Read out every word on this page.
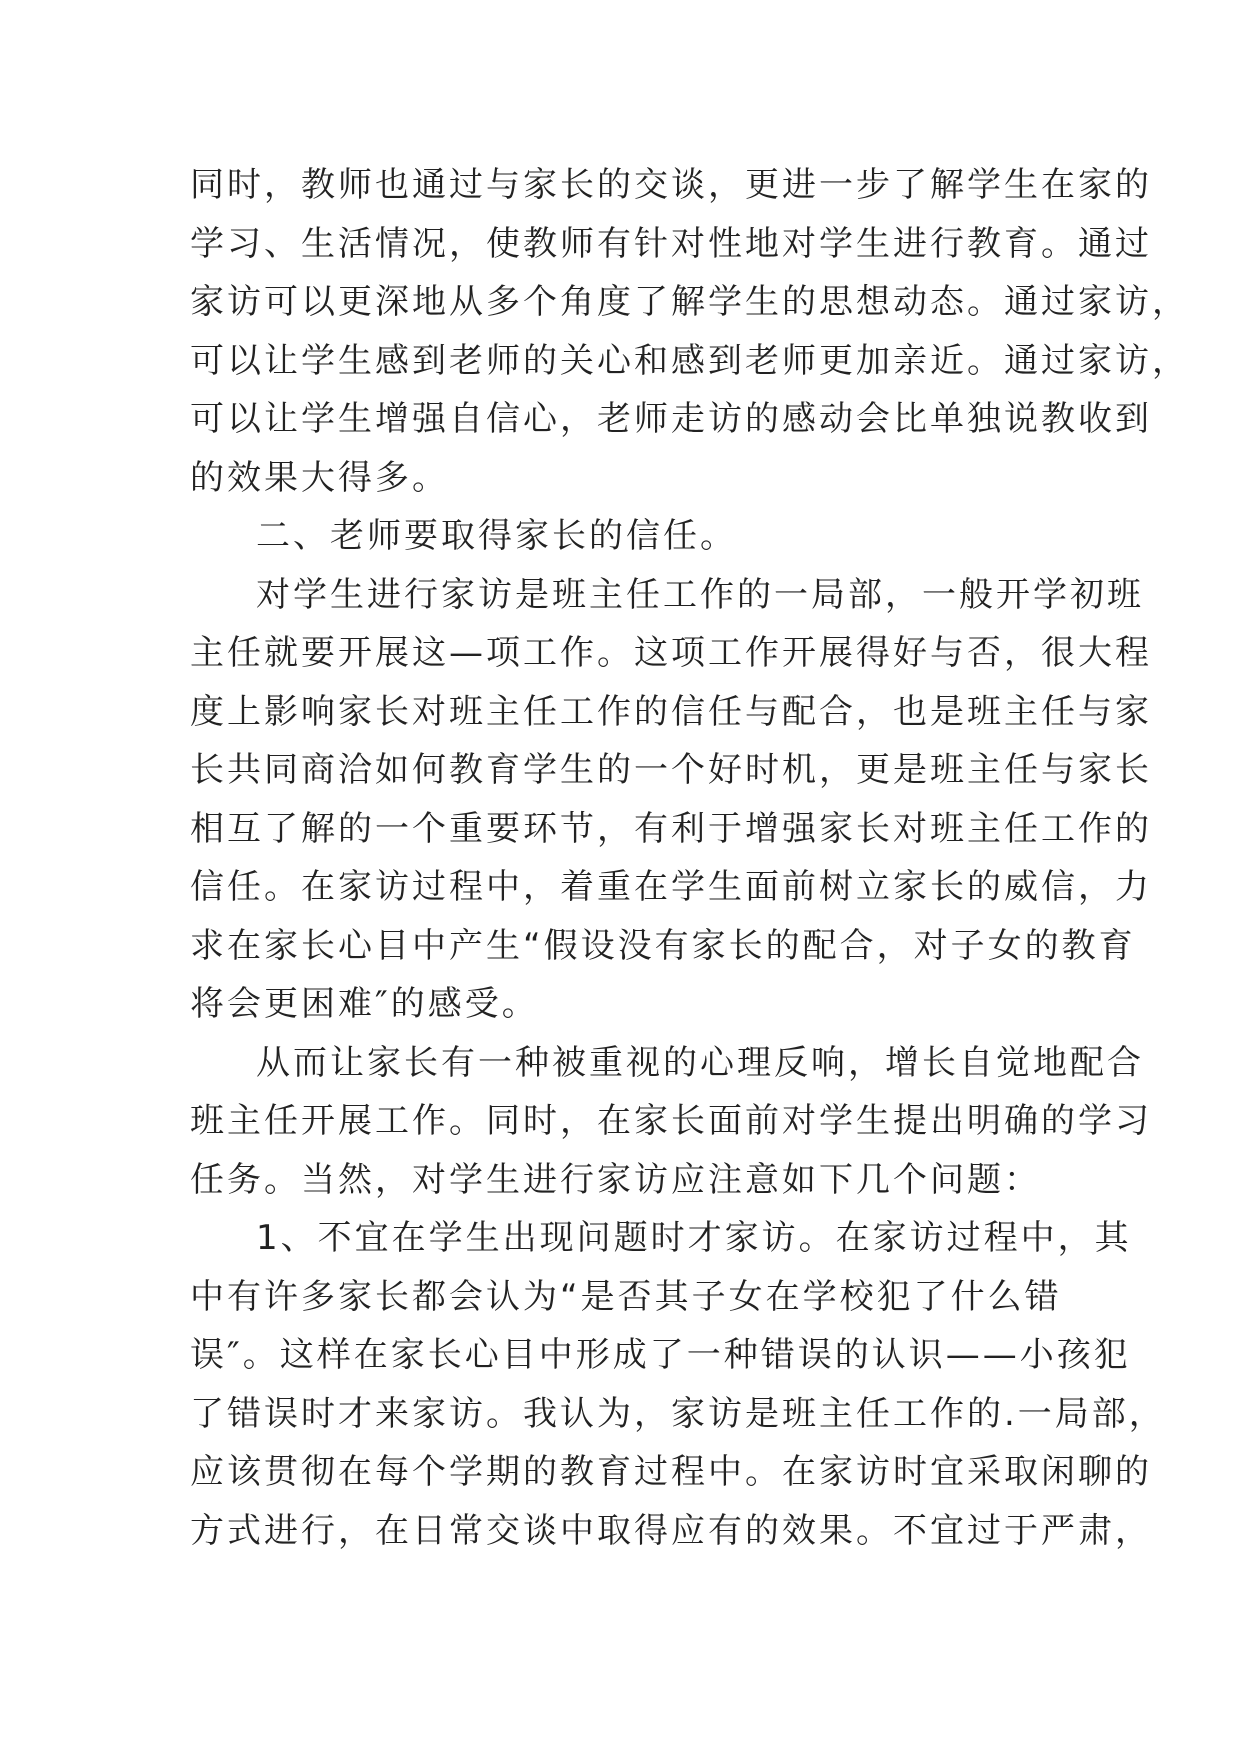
同时，教师也通过与家长的交谈，更进一步了解学生在家的
学习、生活情况，使教师有针对性地对学生进行教育。通过
家访可以更深地从多个角度了解学生的思想动态。通过家访，
可以让学生感到老师的关心和感到老师更加亲近。通过家访，
可以让学生增强自信心，老师走访的感动会比单独说教收到
的效果大得多。
二、老师要取得家长的信任。
对学生进行家访是班主任工作的一局部，一般开学初班
主任就要开展这—项工作。这项工作开展得好与否，很大程
度上影响家长对班主任工作的信任与配合，也是班主任与家
长共同商洽如何教育学生的一个好时机，更是班主任与家长
相互了解的一个重要环节，有利于增强家长对班主任工作的
信任。在家访过程中，着重在学生面前树立家长的威信，力
求在家长心目中产生“假设没有家长的配合，对子女的教育
将会更困难″的感受。
从而让家长有一种被重视的心理反响，增长自觉地配合
班主任开展工作。同时，在家长面前对学生提出明确的学习
任务。当然，对学生进行家访应注意如下几个问题：
1、不宜在学生出现问题时才家访。在家访过程中，其
中有许多家长都会认为“是否其子女在学校犯了什么错
误″。这样在家长心目中形成了一种错误的认识——小孩犯
了错误时才来家访。我认为，家访是班主任工作的.一局部，
应该贯彻在每个学期的教育过程中。在家访时宜采取闲聊的
方式进行，在日常交谈中取得应有的效果。不宜过于严肃，
